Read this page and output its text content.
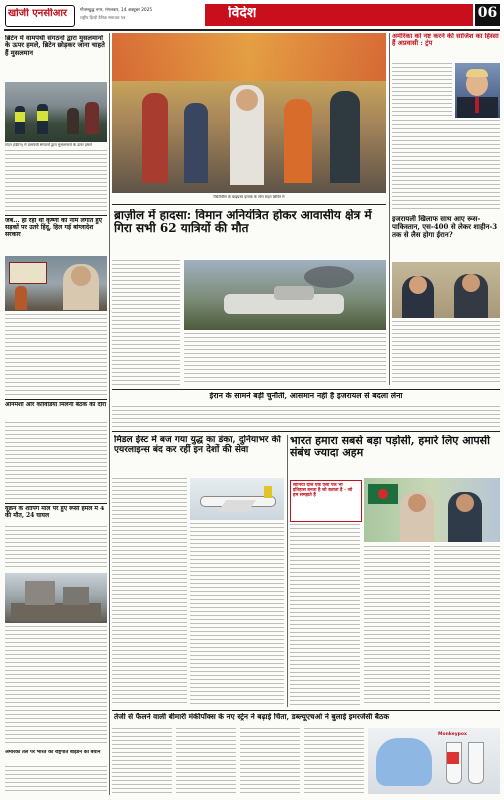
खोजी एनसीआर	गौतमबुद्ध नगर, मंगलवार, 14 अक्टूबर 2025
राष्ट्रीय हिन्दी दैनिक समाचार पत्र	विदेश	06
ब्रिटेन में वामपंथी संगठनों द्वारा मुसलमानों के ऊपर हमले, ब्रिटेन छोड़कर जाना चाहते हैं मुसलमान
लंदन (ब्रिटेन) में वामपंथी संगठनों द्वारा मुसलमानों के ऊपर हमले
जब... हो रहा था कृष्णा का नाम लगाते हुए सड़कों पर उतरे हिंदू, हिल गई बांग्लादेश सरकार
अनिमेशो और कोविडिया मिलनी बैठक का दौरा
यूक्रेन के शॉपिंग मॉल पर हुए रूसी हमले में 4 की मौत, 24 घायल
फिलिपींस के बाढ़ग्रस्त इलाके के लोग राहत शिविर में
अमेरिका को नष्ट करने की साजिश का हिस्सा हैं अप्रवासी : ट्रंप
ब्राज़ील में हादसा: विमान अनियंत्रित होकर आवासीय क्षेत्र में गिरा सभी 62 यात्रियों की मौत
इजरायली खिलाफ साथ आए रूस-पाकिस्तान, एस-400 से लेकर शाहीन-3 तक से लैस होगा ईरान?
ईरान के सामने बड़ी चुनौती, आसमान नहीं है इजरायल से बदला लेना
मिडल ईस्ट में बज गया युद्ध का डंका, दुनियाभर की एयरलाइन्स बंद कर रहीं इन देशों की सेवा
भारत हमारा सबसे बड़ा पड़ोसी, हमारे लिए आपसी संबंध ज्यादा अहम
सोनिया दास एक ऐसा पल भी इतिहास बनता है जो बताता है - जो हम समझते हैं
तेजी से फैलने वाली बीमारी मंकीपॉक्स के नए स्ट्रेन ने बढ़ाई चिंता, डब्ल्यूएचओ ने बुलाई इमरजेंसी बैठक
Monkeypox
अमेरिकी तेल पर भारत को राष्ट्रपति बाइडन का बयान
